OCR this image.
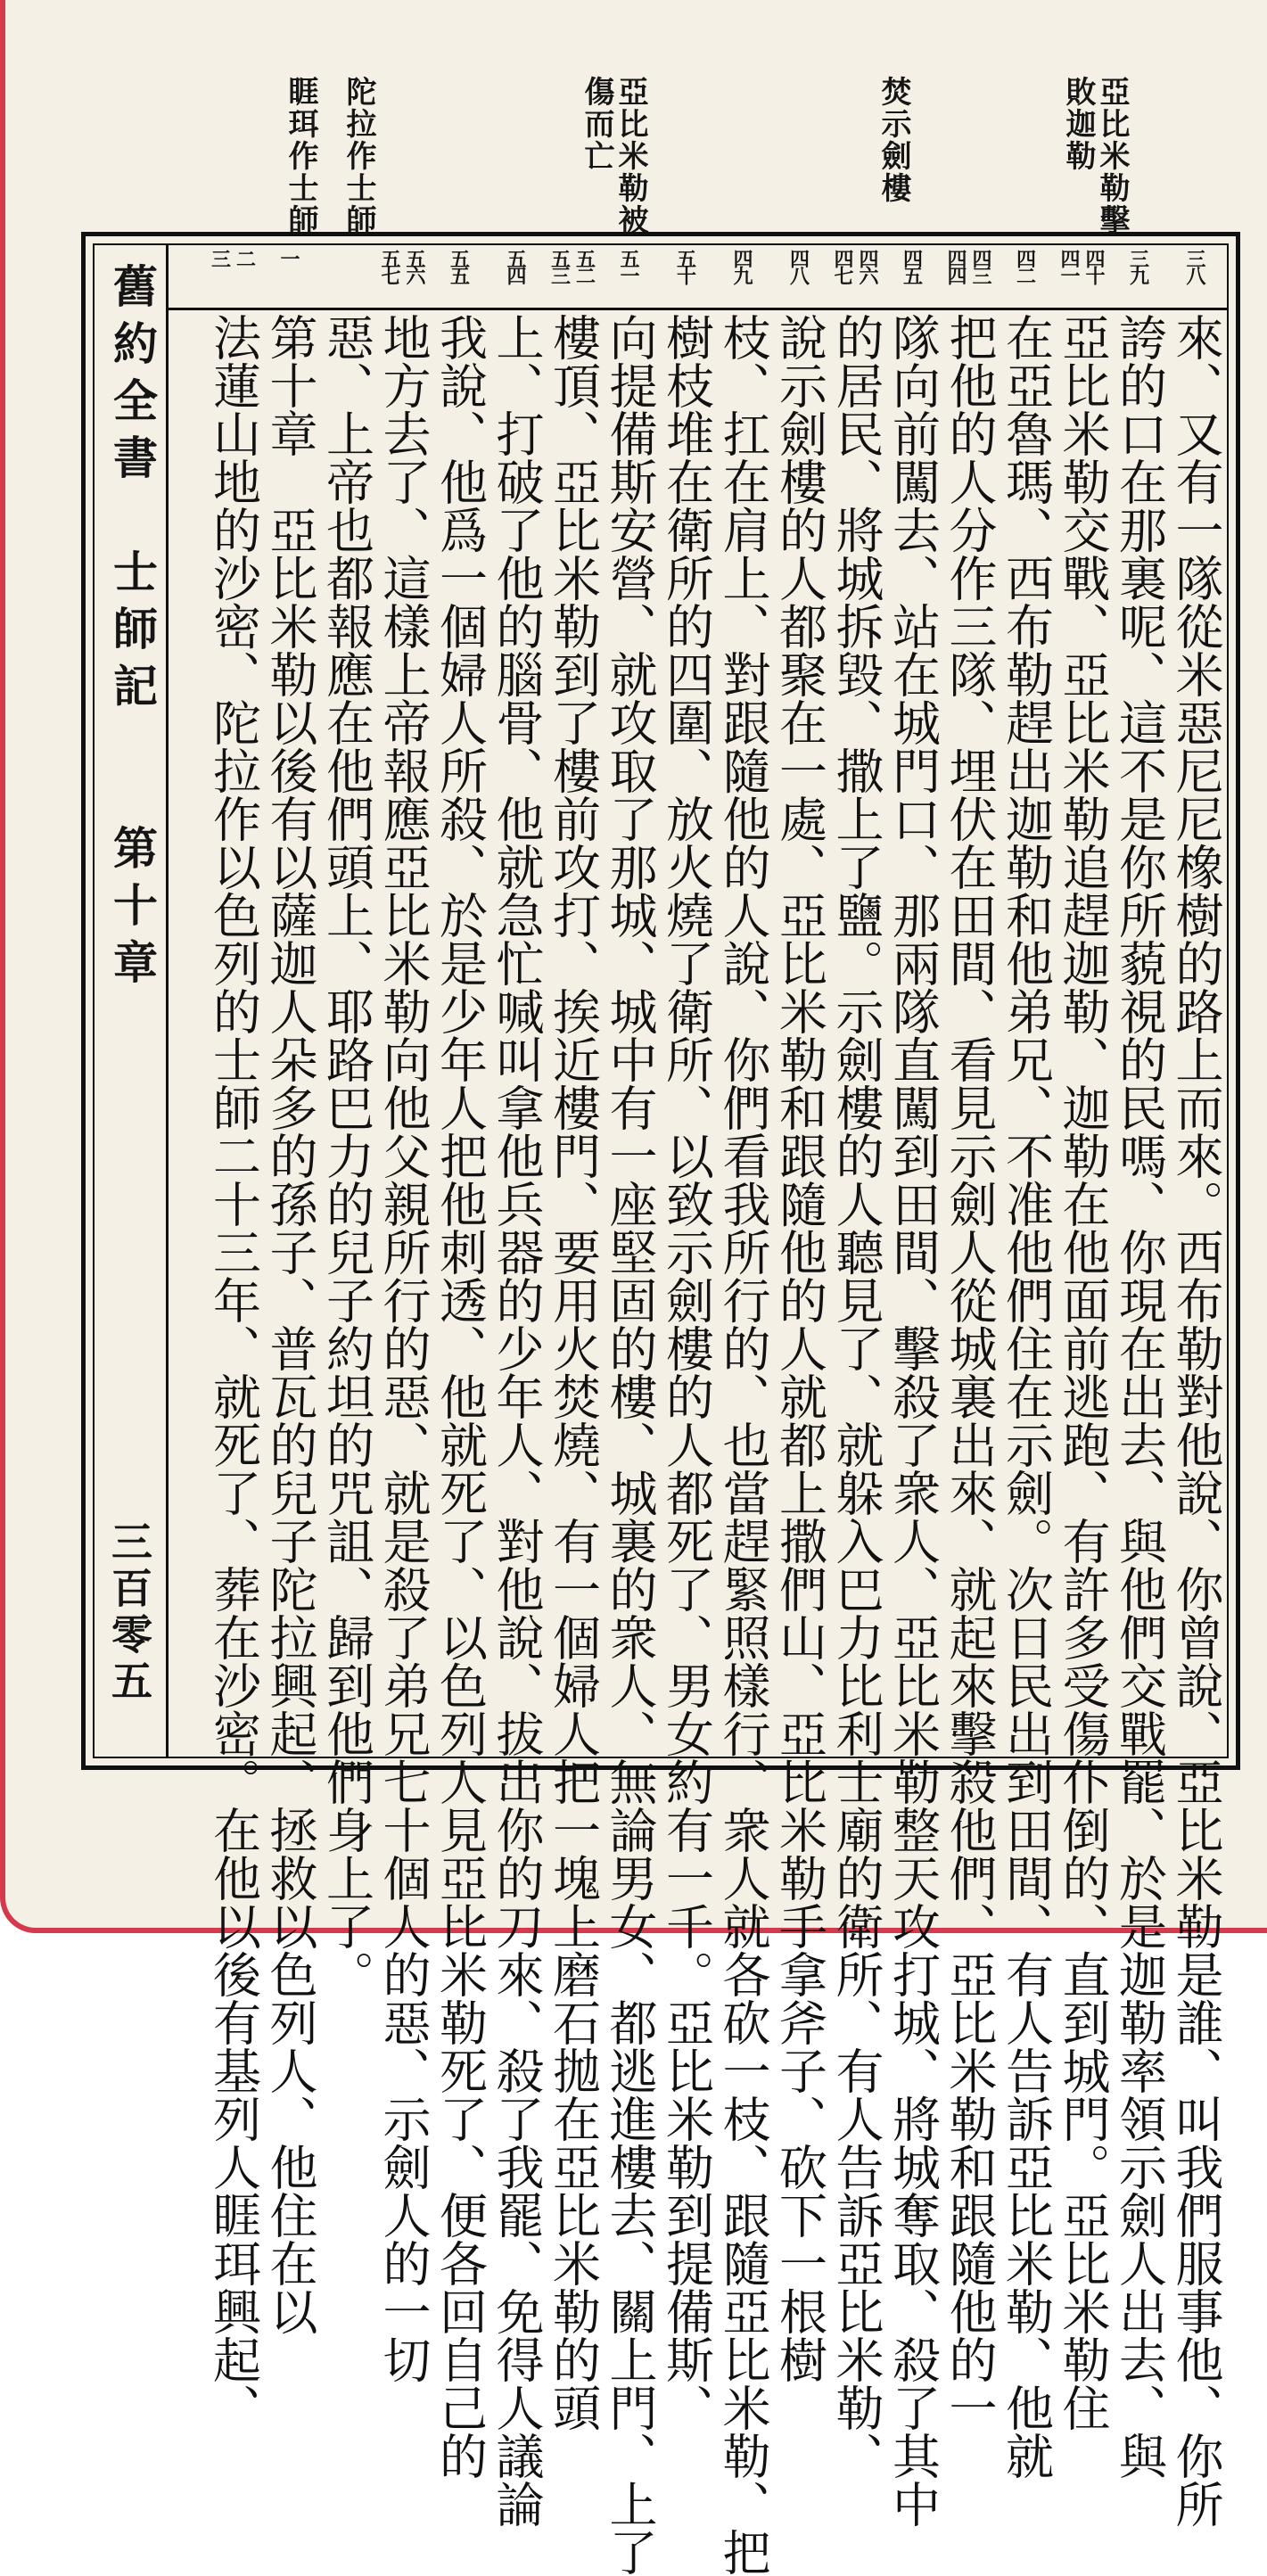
亞比米勒擊
敗迦勒
焚示劍樓
亞比米勒被
傷而亡
陀拉作士師
睚珥作士師
舊約全書
士師記
第十章
三百零五
三八
三九
四十
四一
四二
四三
四四
四五
四六
四七
四八
四九
五十
五一
五二
五三
五四
五五
五六
五七
一
二
三
來、又有一隊從米惡尼尼橡樹的路上而來。西布勒對他說、你曾說、亞比米勒是誰、叫我們服事他、你所
誇的口在那裏呢、這不是你所藐視的民嗎、你現在出去、與他們交戰罷、於是迦勒率領示劍人出去、與
亞比米勒交戰、亞比米勒追趕迦勒、迦勒在他面前逃跑、有許多受傷仆倒的、直到城門。亞比米勒住
在亞魯瑪、西布勒趕出迦勒和他弟兄、不准他們住在示劍。次日民出到田間、有人告訴亞比米勒、他就
把他的人分作三隊、埋伏在田間、看見示劍人從城裏出來、就起來擊殺他們、亞比米勒和跟隨他的一
隊向前闖去、站在城門口、那兩隊直闖到田間、擊殺了衆人、亞比米勒整天攻打城、將城奪取、殺了其中
的居民、將城拆毀、撒上了鹽。示劍樓的人聽見了、就躲入巴力比利士廟的衛所、有人告訴亞比米勒、
說示劍樓的人都聚在一處、亞比米勒和跟隨他的人就都上撒們山、亞比米勒手拿斧子、砍下一根樹
枝、扛在肩上、對跟隨他的人說、你們看我所行的、也當趕緊照樣行、衆人就各砍一枝、跟隨亞比米勒、把
樹枝堆在衛所的四圍、放火燒了衛所、以致示劍樓的人都死了、男女約有一千。亞比米勒到提備斯、
向提備斯安營、就攻取了那城、城中有一座堅固的樓、城裏的衆人、無論男女、都逃進樓去、關上門、上了
樓頂、亞比米勒到了樓前攻打、挨近樓門、要用火焚燒、有一個婦人把一塊上磨石拋在亞比米勒的頭
上、打破了他的腦骨、他就急忙喊叫拿他兵器的少年人、對他說、拔出你的刀來、殺了我罷、免得人議論
我說、他爲一個婦人所殺、於是少年人把他刺透、他就死了、以色列人見亞比米勒死了、便各回自己的
地方去了、這樣上帝報應亞比米勒向他父親所行的惡、就是殺了弟兄七十個人的惡、示劍人的一切
惡、上帝也都報應在他們頭上、耶路巴力的兒子約坦的咒詛、歸到他們身上了。
第十章　亞比米勒以後有以薩迦人朵多的孫子、普瓦的兒子陀拉興起、拯救以色列人、他住在以
法蓮山地的沙密、陀拉作以色列的士師二十三年、就死了、葬在沙密。在他以後有基列人睚珥興起、
